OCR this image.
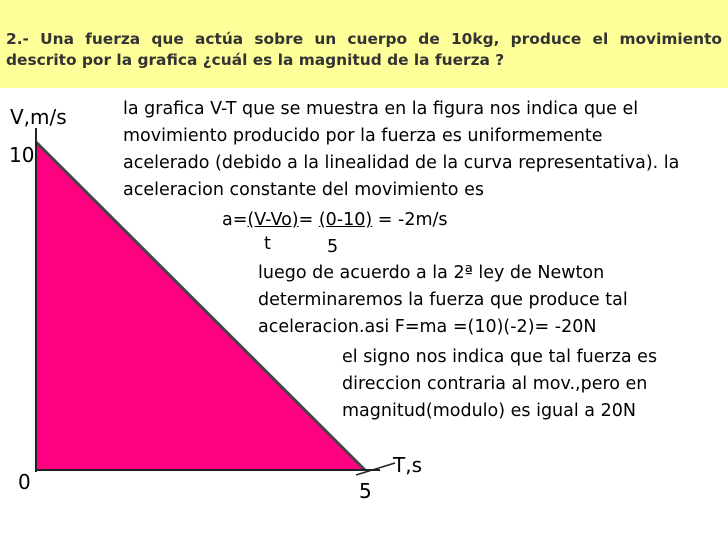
2.- Una fuerza que actúa sobre un cuerpo de 10kg, produce el movimiento descrito por la grafica ¿cuál es la magnitud de la fuerza ?

V,m/s
10
T,s
0	5
la grafica V-T que se muestra en la figura nos indica que el
movimiento producido por la fuerza es uniformemente
acelerado (debido a la linealidad de la curva representativa). la
aceleracion constante del movimiento es
a=(V-Vo)= (0-10) = -2m/s
t	5
luego de acuerdo a la 2ª ley de Newton
determinaremos la fuerza que produce tal
aceleracion.asi F=ma =(10)(-2)= -20N
el signo nos indica que tal fuerza es
direccion contraria al mov.,pero en
magnitud(modulo) es igual a 20N
